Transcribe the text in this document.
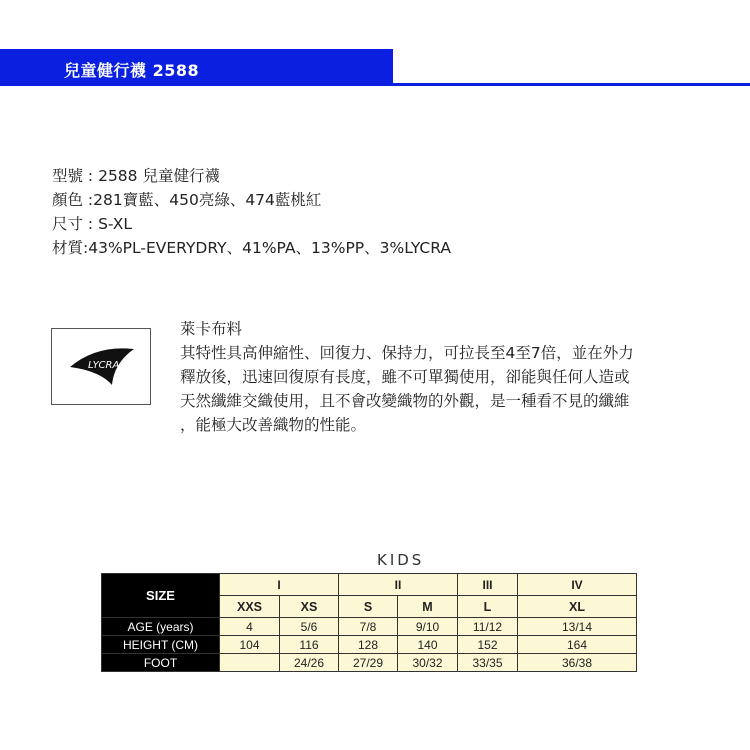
兒童健行襪 2588
型號 : 2588 兒童健行襪
顏色 :281寶藍、450亮綠、474藍桃紅
尺寸 : S-XL
材質:43%PL-EVERYDRY、41%PA、13%PP、3%LYCRA
LYCRA
萊卡布料
其特性具高伸縮性、回復力、保持力，可拉長至4至7倍，並在外力
釋放後，迅速回復原有長度，雖不可單獨使用，卻能與任何人造或
天然纖維交織使用，且不會改變織物的外觀，是一種看不見的纖維
，能極大改善織物的性能。
KIDS
SIZE	I		II		III	IV
	XXS	XS	S	M	L	XL
AGE (years)	4	5/6	7/8	9/10	11/12	13/14
HEIGHT (CM)	104	116	128	140	152	164
FOOT		24/26	27/29	30/32	33/35	36/38
